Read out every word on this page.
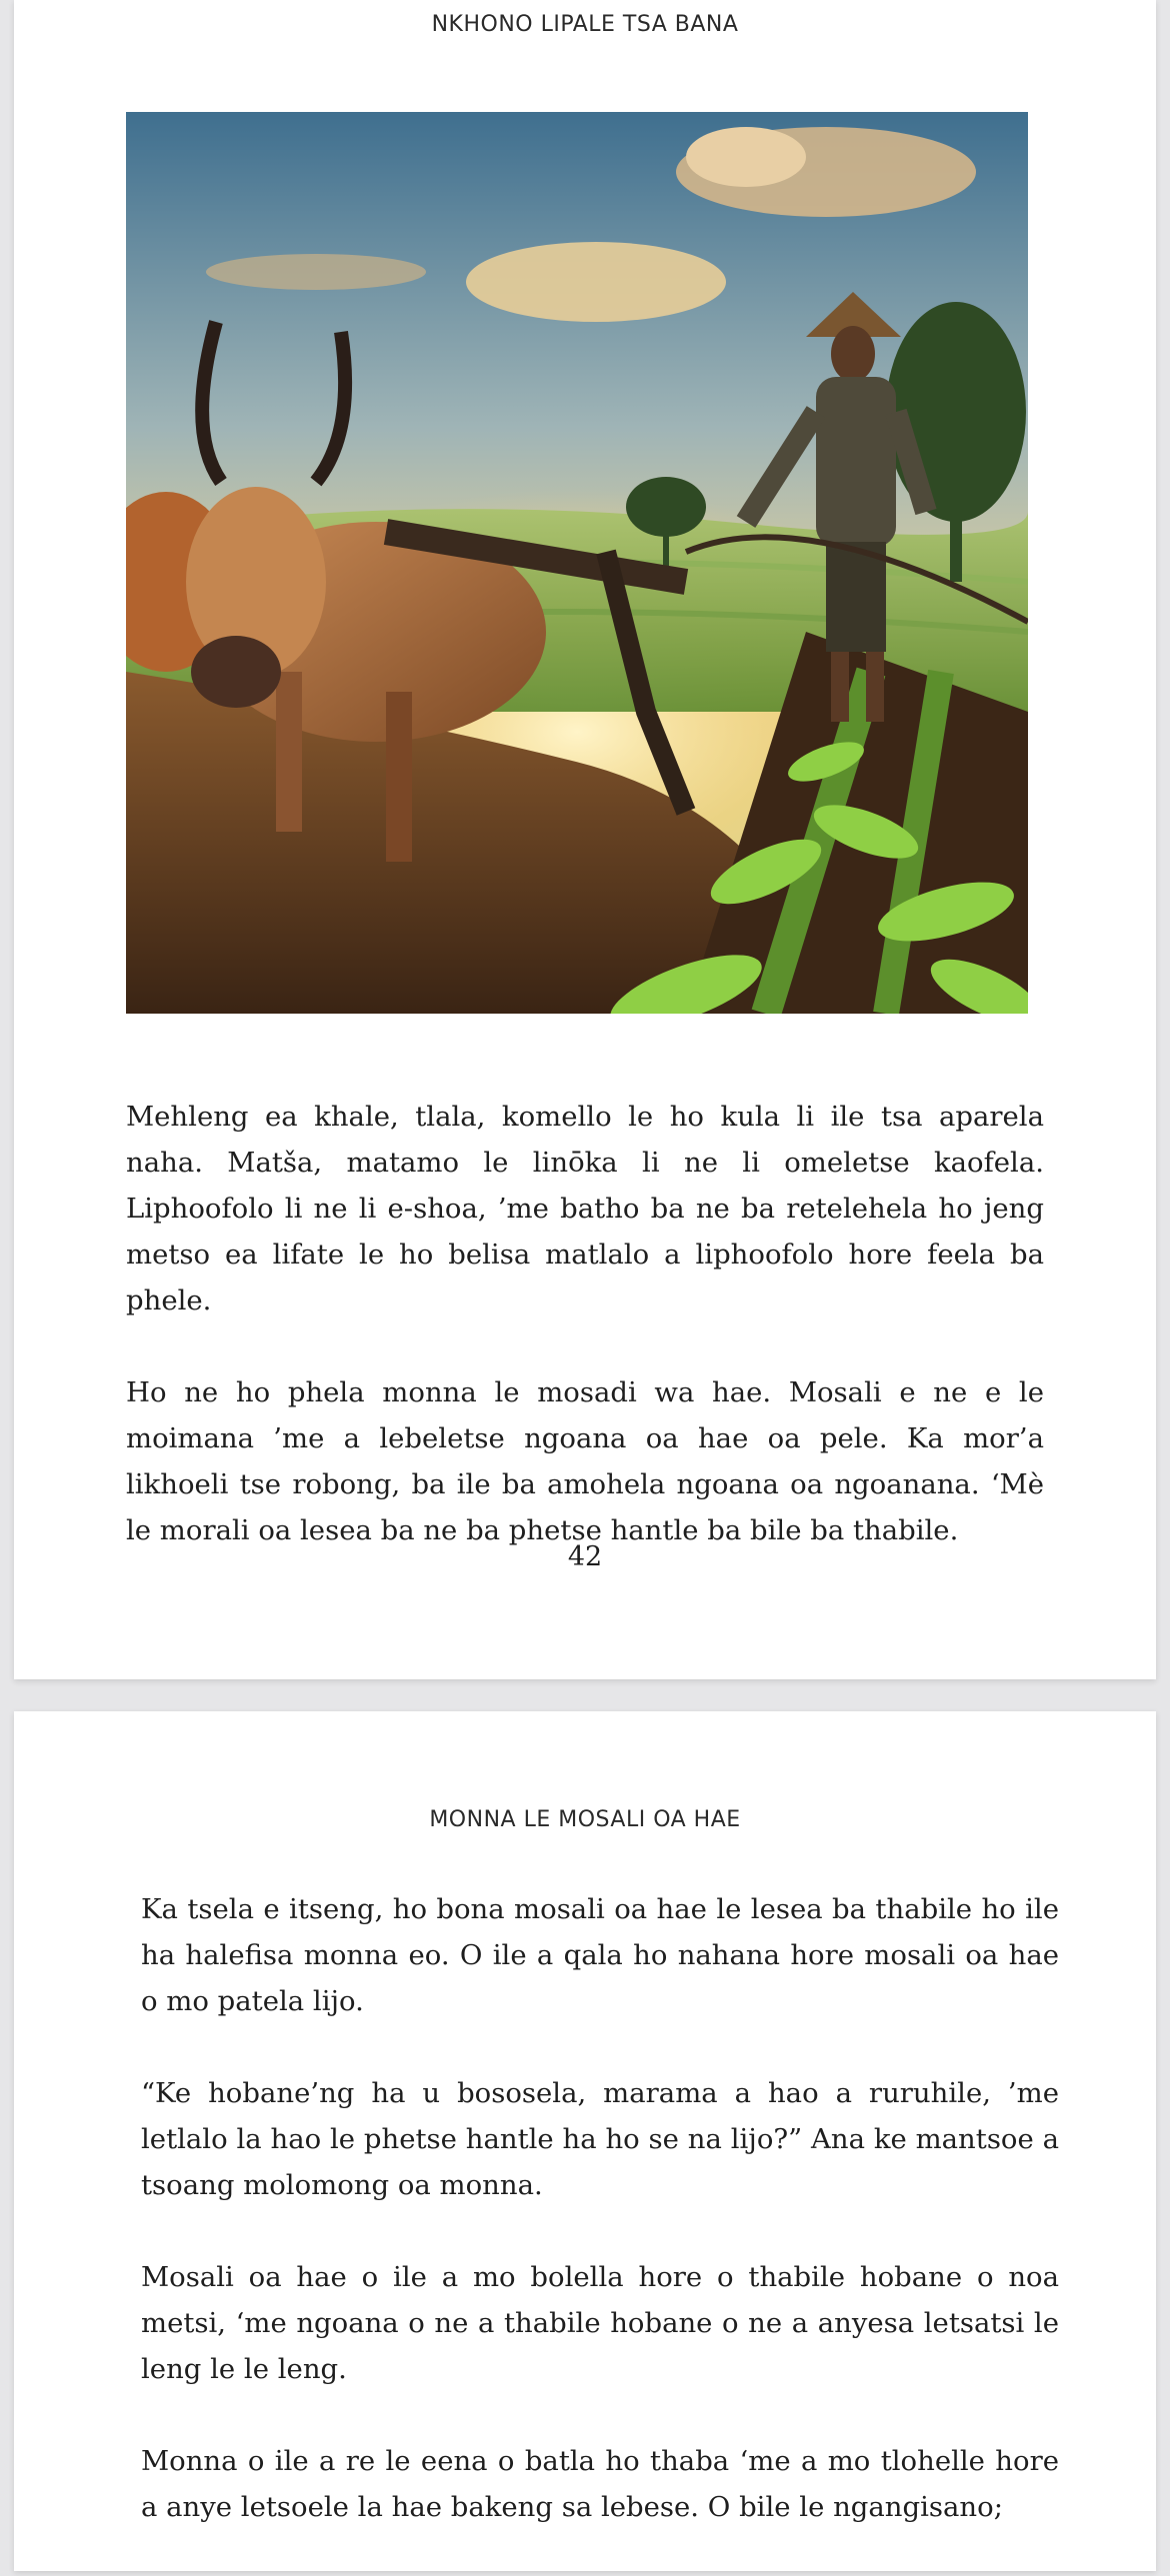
NKHONO LIPALE TSA BANA

Mehleng ea khale, tlala, komello le ho kula li ile tsa aparela naha. Matša, matamo le linōka li ne li omeletse kaofela. Liphoofolo li ne li e-shoa, ’me batho ba ne ba retelehela ho jeng metso ea lifate le ho belisa matlalo a liphoofolo hore feela ba phele.

Ho ne ho phela monna le mosadi wa hae. Mosali e ne e le moimana ’me a lebeletse ngoana oa hae oa pele. Ka mor’a likhoeli tse robong, ba ile ba amohela ngoana oa ngoanana. ‘Mè le morali oa lesea ba ne ba phetse hantle ba bile ba thabile.

42
MONNA LE MOSALI OA HAE

Ka tsela e itseng, ho bona mosali oa hae le lesea ba thabile ho ile ha halefisa monna eo. O ile a qala ho nahana hore mosali oa hae o mo patela lijo.

“Ke hobane’ng ha u bososela, marama a hao a ruruhile, ’me letlalo la hao le phetse hantle ha ho se na lijo?” Ana ke mantsoe a tsoang molomong oa monna.

Mosali oa hae o ile a mo bolella hore o thabile hobane o noa metsi, ‘me ngoana o ne a thabile hobane o ne a anyesa letsatsi le leng le le leng.

Monna o ile a re le eena o batla ho thaba ‘me a mo tlohelle hore a anye letsoele la hae bakeng sa lebese. O bile le ngangisano;
